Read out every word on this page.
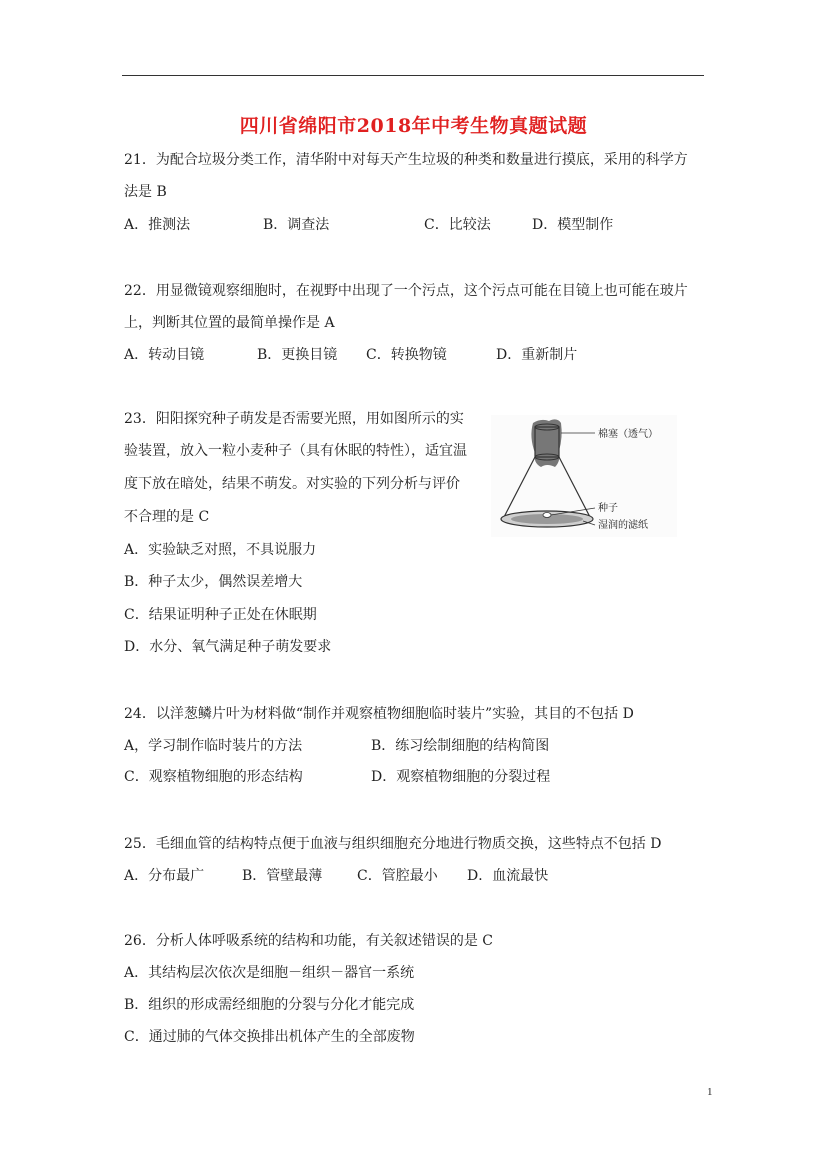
四川省绵阳市2018年中考生物真题试题
21．为配合垃圾分类工作，清华附中对每天产生垃圾的种类和数量进行摸底，采用的科学方
法是 B
A．推测法	B．调查法	C．比较法	D．模型制作
22．用显微镜观察细胞时，在视野中出现了一个污点，这个污点可能在目镜上也可能在玻片
上，判断其位置的最简单操作是 A
A．转动目镜	B．更换目镜 C．转换物镜	D．重新制片
23．阳阳探究种子萌发是否需要光照，用如图所示的实
验装置，放入一粒小麦种子（具有休眠的特性），适宜温
度下放在暗处，结果不萌发。对实验的下列分析与评价
不合理的是 C
A．实验缺乏对照，不具说服力
B．种子太少，偶然误差增大
C．结果证明种子正处在休眠期
D．水分、氧气满足种子萌发要求
棉塞（透气）
种子
湿润的滤纸
24．以洋葱鳞片叶为材料做“制作并观察植物细胞临时装片”实验，其目的不包括 D
A，学习制作临时装片的方法	B．练习绘制细胞的结构简图
C．观察植物细胞的形态结构	D．观察植物细胞的分裂过程
25．毛细血管的结构特点便于血液与组织细胞充分地进行物质交换，这些特点不包括 D
A．分布最广	B．管壁最薄 C．管腔最小 D．血流最快
26．分析人体呼吸系统的结构和功能，有关叙述错误的是 C
A．其结构层次依次是细胞－组织－器官一系统
B．组织的形成需经细胞的分裂与分化才能完成
C．通过肺的气体交换排出机体产生的全部废物
1
